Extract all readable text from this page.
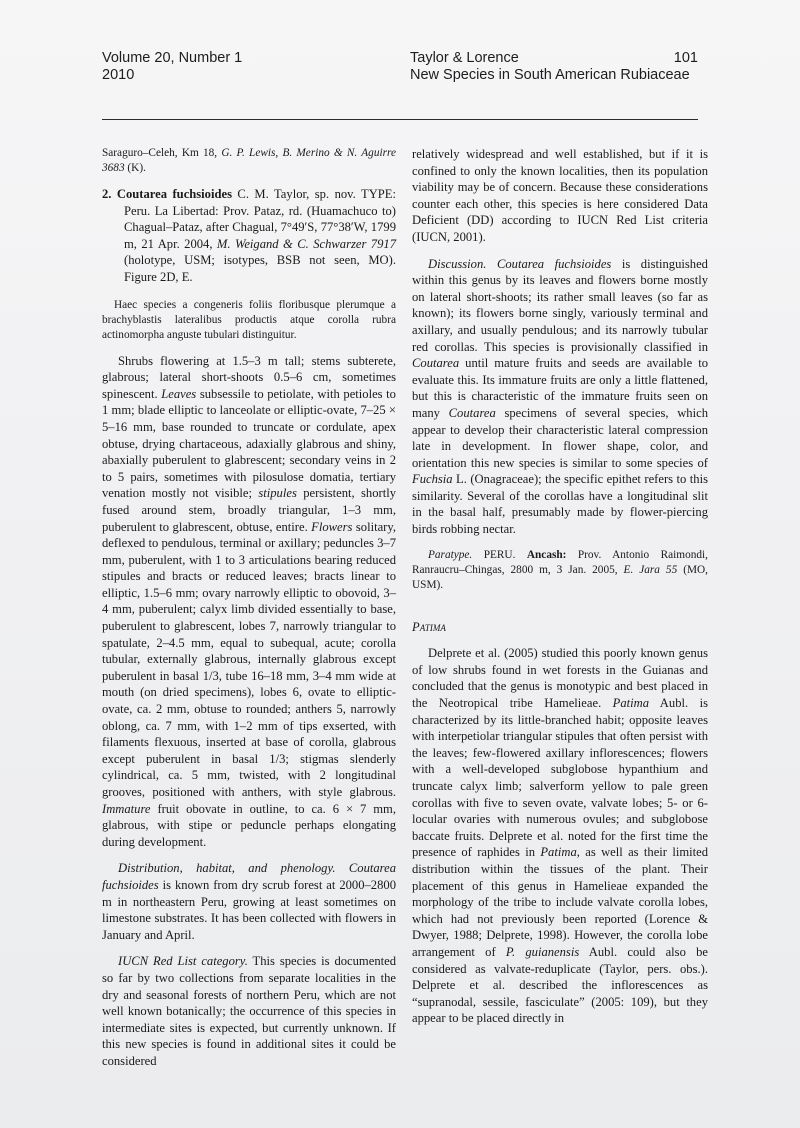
Volume 20, Number 1
2010
Taylor & Lorence
New Species in South American Rubiaceae
101

Saraguro–Celeh, Km 18, G. P. Lewis, B. Merino & N. Aguirre 3683 (K).

2. Coutarea fuchsioides C. M. Taylor, sp. nov. TYPE: Peru. La Libertad: Prov. Pataz, rd. (Huamachuco to) Chagual–Pataz, after Chagual, 7°49′S, 77°38′W, 1799 m, 21 Apr. 2004, M. Weigand & C. Schwarzer 7917 (holotype, USM; isotypes, BSB not seen, MO). Figure 2D, E.

Haec species a congeneris foliis floribusque plerumque a brachyblastis lateralibus productis atque corolla rubra actinomorpha anguste tubulari distinguitur.

Shrubs flowering at 1.5–3 m tall; stems subterete, glabrous; lateral short-shoots 0.5–6 cm, sometimes spinescent. Leaves subsessile to petiolate, with petioles to 1 mm; blade elliptic to lanceolate or elliptic-ovate, 7–25 × 5–16 mm, base rounded to truncate or cordulate, apex obtuse, drying chartaceous, adaxially glabrous and shiny, abaxially puberulent to glabrescent; secondary veins in 2 to 5 pairs, sometimes with pilosulose domatia, tertiary venation mostly not visible; stipules persistent, shortly fused around stem, broadly triangular, 1–3 mm, puberulent to glabrescent, obtuse, entire. Flowers solitary, deflexed to pendulous, terminal or axillary; peduncles 3–7 mm, puberulent, with 1 to 3 articulations bearing reduced stipules and bracts or reduced leaves; bracts linear to elliptic, 1.5–6 mm; ovary narrowly elliptic to obovoid, 3–4 mm, puberulent; calyx limb divided essentially to base, puberulent to glabrescent, lobes 7, narrowly triangular to spatulate, 2–4.5 mm, equal to subequal, acute; corolla tubular, externally glabrous, internally glabrous except puberulent in basal 1/3, tube 16–18 mm, 3–4 mm wide at mouth (on dried specimens), lobes 6, ovate to elliptic-ovate, ca. 2 mm, obtuse to rounded; anthers 5, narrowly oblong, ca. 7 mm, with 1–2 mm of tips exserted, with filaments flexuous, inserted at base of corolla, glabrous except puberulent in basal 1/3; stigmas slenderly cylindrical, ca. 5 mm, twisted, with 2 longitudinal grooves, positioned with anthers, with style glabrous. Immature fruit obovate in outline, to ca. 6 × 7 mm, glabrous, with stipe or peduncle perhaps elongating during development.

Distribution, habitat, and phenology. Coutarea fuchsioides is known from dry scrub forest at 2000–2800 m in northeastern Peru, growing at least sometimes on limestone substrates. It has been collected with flowers in January and April.

IUCN Red List category. This species is documented so far by two collections from separate localities in the dry and seasonal forests of northern Peru, which are not well known botanically; the occurrence of this species in intermediate sites is expected, but currently unknown. If this new species is found in additional sites it could be considered

relatively widespread and well established, but if it is confined to only the known localities, then its population viability may be of concern. Because these considerations counter each other, this species is here considered Data Deficient (DD) according to IUCN Red List criteria (IUCN, 2001).

Discussion. Coutarea fuchsioides is distinguished within this genus by its leaves and flowers borne mostly on lateral short-shoots; its rather small leaves (so far as known); its flowers borne singly, variously terminal and axillary, and usually pendulous; and its narrowly tubular red corollas. This species is provisionally classified in Coutarea until mature fruits and seeds are available to evaluate this. Its immature fruits are only a little flattened, but this is characteristic of the immature fruits seen on many Coutarea specimens of several species, which appear to develop their characteristic lateral compression late in development. In flower shape, color, and orientation this new species is similar to some species of Fuchsia L. (Onagraceae); the specific epithet refers to this similarity. Several of the corollas have a longitudinal slit in the basal half, presumably made by flower-piercing birds robbing nectar.

Paratype. PERU. Ancash: Prov. Antonio Raimondi, Ranraucru–Chingas, 2800 m, 3 Jan. 2005, E. Jara 55 (MO, USM).

Patima

Delprete et al. (2005) studied this poorly known genus of low shrubs found in wet forests in the Guianas and concluded that the genus is monotypic and best placed in the Neotropical tribe Hamelieae. Patima Aubl. is characterized by its little-branched habit; opposite leaves with interpetiolar triangular stipules that often persist with the leaves; few-flowered axillary inflorescences; flowers with a well-developed subglobose hypanthium and truncate calyx limb; salverform yellow to pale green corollas with five to seven ovate, valvate lobes; 5- or 6-locular ovaries with numerous ovules; and subglobose baccate fruits. Delprete et al. noted for the first time the presence of raphides in Patima, as well as their limited distribution within the tissues of the plant. Their placement of this genus in Hamelieae expanded the morphology of the tribe to include valvate corolla lobes, which had not previously been reported (Lorence & Dwyer, 1988; Delprete, 1998). However, the corolla lobe arrangement of P. guianensis Aubl. could also be considered as valvate-reduplicate (Taylor, pers. obs.). Delprete et al. described the inflorescences as “supranodal, sessile, fasciculate” (2005: 109), but they appear to be placed directly in
